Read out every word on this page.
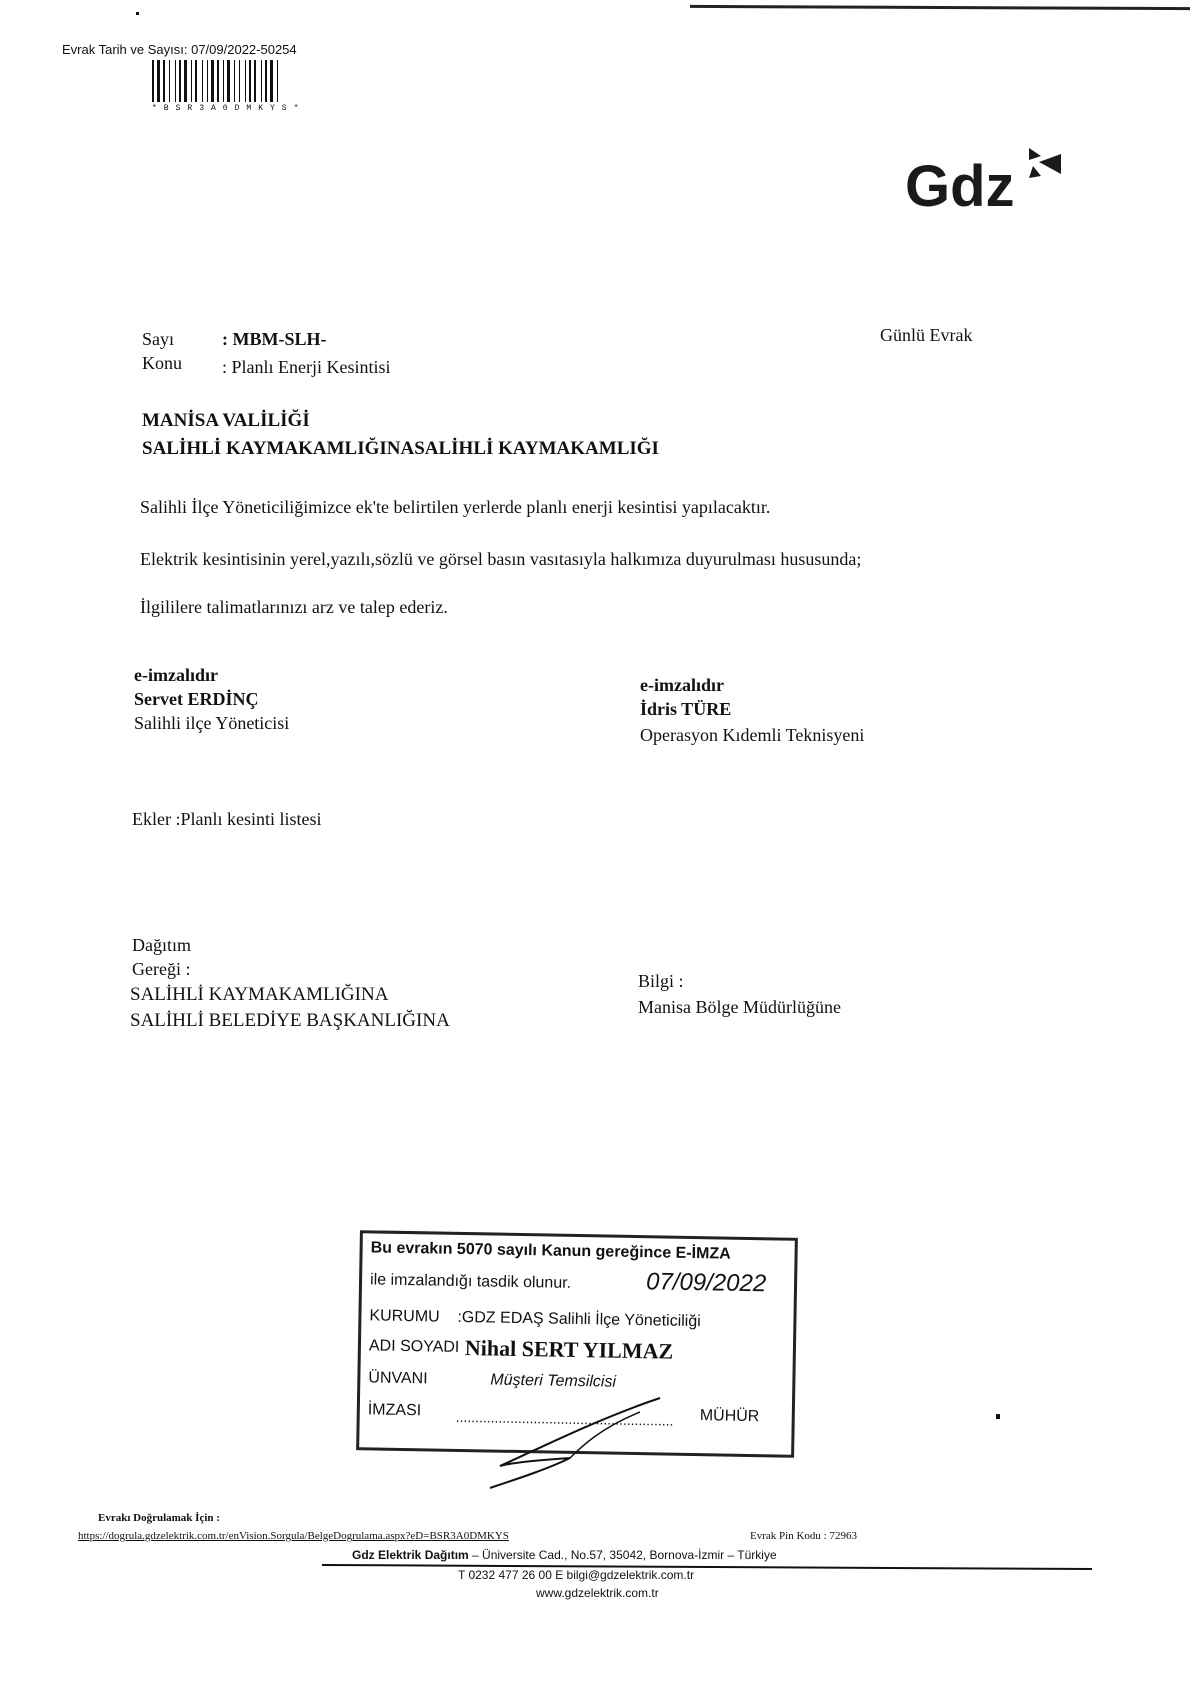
Evrak Tarih ve Sayısı: 07/09/2022-50254
*BSR3A0DMKYS*
Gdz
Sayı	: MBM-SLH-
Konu : Planlı Enerji Kesintisi
Günlü Evrak
MANİSA VALİLİĞİ
SALİHLİ KAYMAKAMLIĞINASALİHLİ KAYMAKAMLIĞI
Salihli İlçe Yöneticiliğimizce ek'te belirtilen yerlerde planlı enerji kesintisi yapılacaktır.
Elektrik kesintisinin yerel,yazılı,sözlü ve görsel basın vasıtasıyla halkımıza duyurulması hususunda;
İlgililere talimatlarınızı arz ve talep ederiz.
e-imzalıdır
Servet ERDİNÇ
Salihli ilçe Yöneticisi
e-imzalıdır
İdris TÜRE
Operasyon Kıdemli Teknisyeni
Ekler :Planlı kesinti listesi
Dağıtım
Gereği :
SALİHLİ KAYMAKAMLIĞINA
SALİHLİ BELEDİYE BAŞKANLIĞINA
Bilgi :
Manisa Bölge Müdürlüğüne
Bu evrakın 5070 sayılı Kanun gereğince E-İMZA
ile imzalandığı tasdik olunur.	07/09/2022
KURUMU :GDZ EDAŞ Salihli İlçe Yöneticiliği
ADI SOYADI Nihal SERT YILMAZ
ÜNVANI	Müşteri Temsilcisi
İMZASI ........................................................ MÜHÜR
Evrakı Doğrulamak İçin :
https://dogrula.gdzelektrik.com.tr/enVision.Sorgula/BelgeDogrulama.aspx?eD=BSR3A0DMKYS	Evrak Pin Kodu : 72963
Gdz Elektrik Dağıtım – Üniversite Cad., No.57, 35042, Bornova-İzmir – Türkiye
T 0232 477 26 00 E bilgi@gdzelektrik.com.tr
www.gdzelektrik.com.tr
